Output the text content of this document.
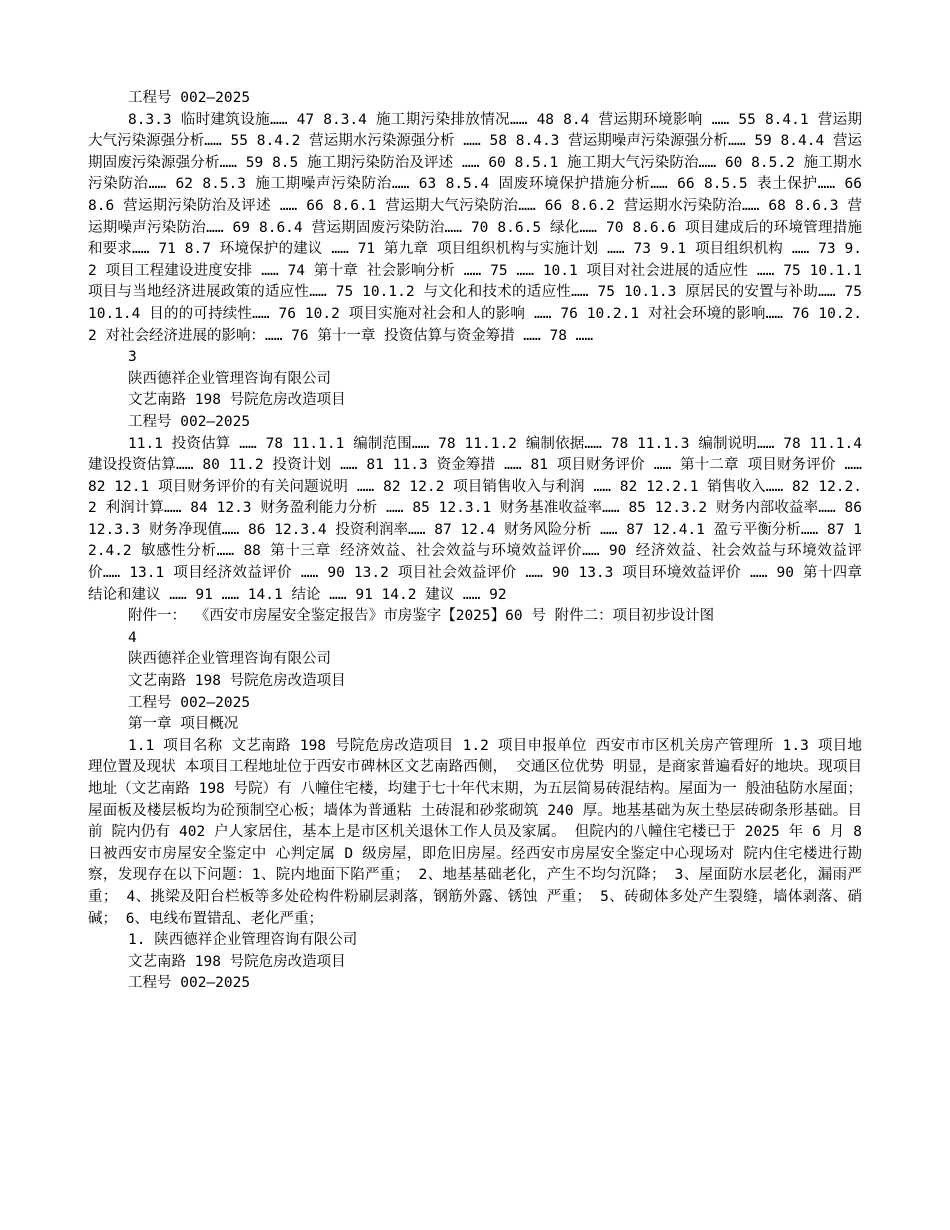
工程号 002—2025

8.3.3 临时建筑设施…… 47 8.3.4 施工期污染排放情况…… 48 8.4 营运期环境影响 …… 55 8.4.1 营运期大气污染源强分析…… 55 8.4.2 营运期水污染源强分析 …… 58 8.4.3 营运期噪声污染源强分析…… 59 8.4.4 营运期固废污染源强分析…… 59 8.5 施工期污染防治及评述 …… 60 8.5.1 施工期大气污染防治…… 60 8.5.2 施工期水污染防治…… 62 8.5.3 施工期噪声污染防治…… 63 8.5.4 固废环境保护措施分析…… 66 8.5.5 表土保护…… 66 8.6 营运期污染防治及评述 …… 66 8.6.1 营运期大气污染防治…… 66 8.6.2 营运期水污染防治…… 68 8.6.3 营运期噪声污染防治…… 69 8.6.4 营运期固废污染防治…… 70 8.6.5 绿化…… 70 8.6.6 项目建成后的环境管理措施和要求…… 71 8.7 环境保护的建议 …… 71 第九章 项目组织机构与实施计划 …… 73 9.1 项目组织机构 …… 73 9.2 项目工程建设进度安排 …… 74 第十章 社会影响分析 …… 75 …… 10.1 项目对社会进展的适应性 …… 75 10.1.1 项目与当地经济进展政策的适应性…… 75 10.1.2 与文化和技术的适应性…… 75 10.1.3 原居民的安置与补助…… 75 10.1.4 目的的可持续性…… 76 10.2 项目实施对社会和人的影响 …… 76 10.2.1 对社会环境的影响…… 76 10.2.2 对社会经济进展的影响：…… 76 第十一章 投资估算与资金筹措 …… 78 ……

3
陕西德祥企业管理咨询有限公司
文艺南路 198 号院危房改造项目
工程号 002—2025

11.1 投资估算 …… 78 11.1.1 编制范围…… 78 11.1.2 编制依据…… 78 11.1.3 编制说明…… 78 11.1.4 建设投资估算…… 80 11.2 投资计划 …… 81 11.3 资金筹措 …… 81 项目财务评价 …… 第十二章 项目财务评价 …… 82 12.1 项目财务评价的有关问题说明 …… 82 12.2 项目销售收入与利润 …… 82 12.2.1 销售收入…… 82 12.2.2 利润计算…… 84 12.3 财务盈利能力分析 …… 85 12.3.1 财务基准收益率…… 85 12.3.2 财务内部收益率…… 86 12.3.3 财务净现值…… 86 12.3.4 投资利润率…… 87 12.4 财务风险分析 …… 87 12.4.1 盈亏平衡分析…… 87 12.4.2 敏感性分析…… 88 第十三章 经济效益、社会效益与环境效益评价…… 90 经济效益、社会效益与环境效益评价…… 13.1 项目经济效益评价 …… 90 13.2 项目社会效益评价 …… 90 13.3 项目环境效益评价 …… 90 第十四章 结论和建议 …… 91 …… 14.1 结论 …… 91 14.2 建议 …… 92

附件一： 《西安市房屋安全鉴定报告》市房鉴字【2025】60 号 附件二：项目初步设计图
4
陕西德祥企业管理咨询有限公司
文艺南路 198 号院危房改造项目
工程号 002—2025
第一章 项目概况

1.1 项目名称 文艺南路 198 号院危房改造项目 1.2 项目申报单位 西安市市区机关房产管理所 1.3 项目地理位置及现状 本项目工程地址位于西安市碑林区文艺南路西侧， 交通区位优势 明显，是商家普遍看好的地块。现项目地址（文艺南路 198 号院）有 八幢住宅楼，均建于七十年代末期，为五层简易砖混结构。屋面为一 般油毡防水屋面；屋面板及楼层板均为砼预制空心板；墙体为普通粘 土砖混和砂浆砌筑 240 厚。地基基础为灰土垫层砖砌条形基础。目前 院内仍有 402 户人家居住，基本上是市区机关退休工作人员及家属。 但院内的八幢住宅楼已于 2025 年 6 月 8 日被西安市房屋安全鉴定中 心判定属 D 级房屋，即危旧房屋。经西安市房屋安全鉴定中心现场对 院内住宅楼进行勘察，发现存在以下问题：1、院内地面下陷严重； 2、地基基础老化，产生不均匀沉降； 3、屋面防水层老化，漏雨严重； 4、挑梁及阳台栏板等多处砼构件粉刷层剥落，钢筋外露、锈蚀 严重； 5、砖砌体多处产生裂缝，墙体剥落、硝碱； 6、电线布置错乱、老化严重；

1. 陕西德祥企业管理咨询有限公司
文艺南路 198 号院危房改造项目
工程号 002—2025
